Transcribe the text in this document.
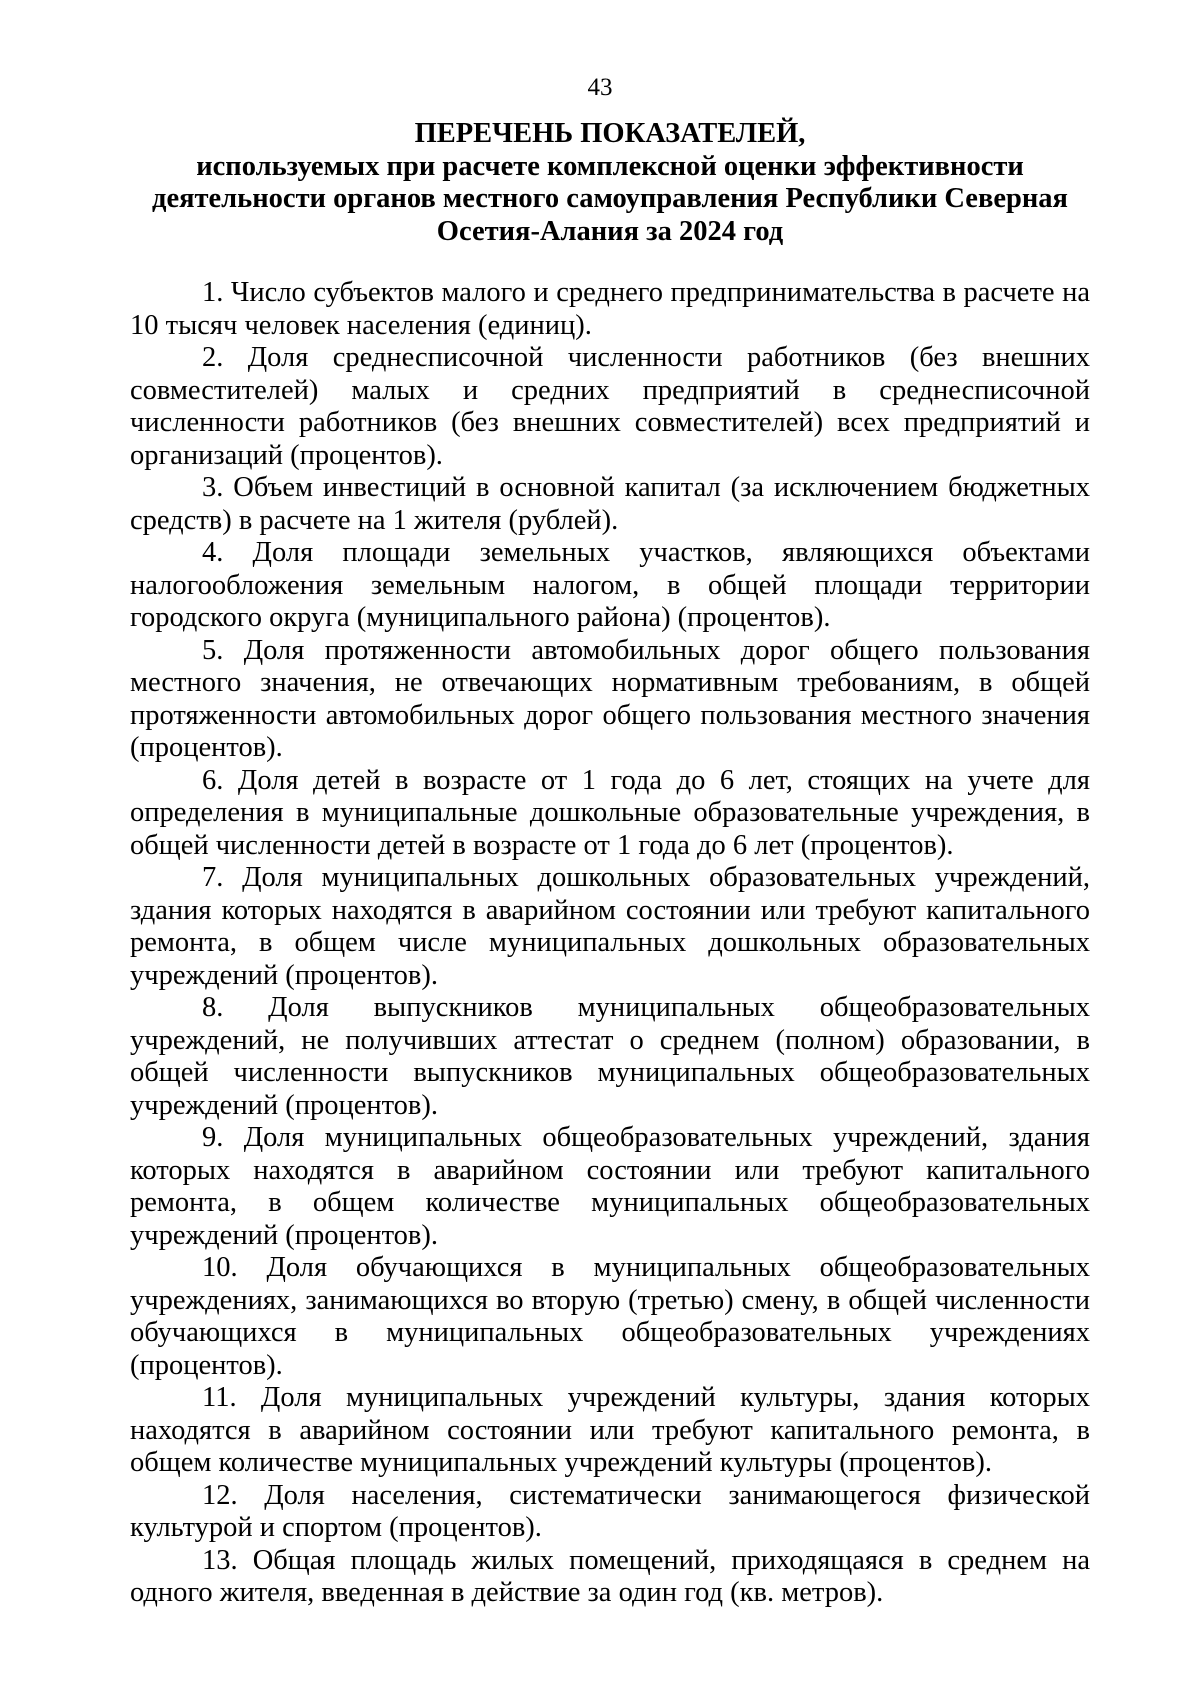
43
ПЕРЕЧЕНЬ ПОКАЗАТЕЛЕЙ,
используемых при расчете комплексной оценки эффективности
деятельности органов местного самоуправления Республики Северная
Осетия-Алания за 2024 год

1. Число субъектов малого и среднего предпринимательства в расчете на 10 тысяч человек населения (единиц).

2. Доля среднесписочной численности работников (без внешних совместителей) малых и средних предприятий в среднесписочной численности работников (без внешних совместителей) всех предприятий и организаций (процентов).

3. Объем инвестиций в основной капитал (за исключением бюджетных средств) в расчете на 1 жителя (рублей).

4. Доля площади земельных участков, являющихся объектами налогообложения земельным налогом, в общей площади территории городского округа (муниципального района) (процентов).

5. Доля протяженности автомобильных дорог общего пользования местного значения, не отвечающих нормативным требованиям, в общей протяженности автомобильных дорог общего пользования местного значения (процентов).

6. Доля детей в возрасте от 1 года до 6 лет, стоящих на учете для определения в муниципальные дошкольные образовательные учреждения, в общей численности детей в возрасте от 1 года до 6 лет (процентов).

7. Доля муниципальных дошкольных образовательных учреждений, здания которых находятся в аварийном состоянии или требуют капитального ремонта, в общем числе муниципальных дошкольных образовательных учреждений (процентов).

8. Доля выпускников муниципальных общеобразовательных учреждений, не получивших аттестат о среднем (полном) образовании, в общей численности выпускников муниципальных общеобразовательных учреждений (процентов).

9. Доля муниципальных общеобразовательных учреждений, здания которых находятся в аварийном состоянии или требуют капитального ремонта, в общем количестве муниципальных общеобразовательных учреждений (процентов).

10. Доля обучающихся в муниципальных общеобразовательных учреждениях, занимающихся во вторую (третью) смену, в общей численности обучающихся в муниципальных общеобразовательных учреждениях (процентов).

11. Доля муниципальных учреждений культуры, здания которых находятся в аварийном состоянии или требуют капитального ремонта, в общем количестве муниципальных учреждений культуры (процентов).

12. Доля населения, систематически занимающегося физической культурой и спортом (процентов).

13. Общая площадь жилых помещений, приходящаяся в среднем на одного жителя, введенная в действие за один год (кв. метров).
